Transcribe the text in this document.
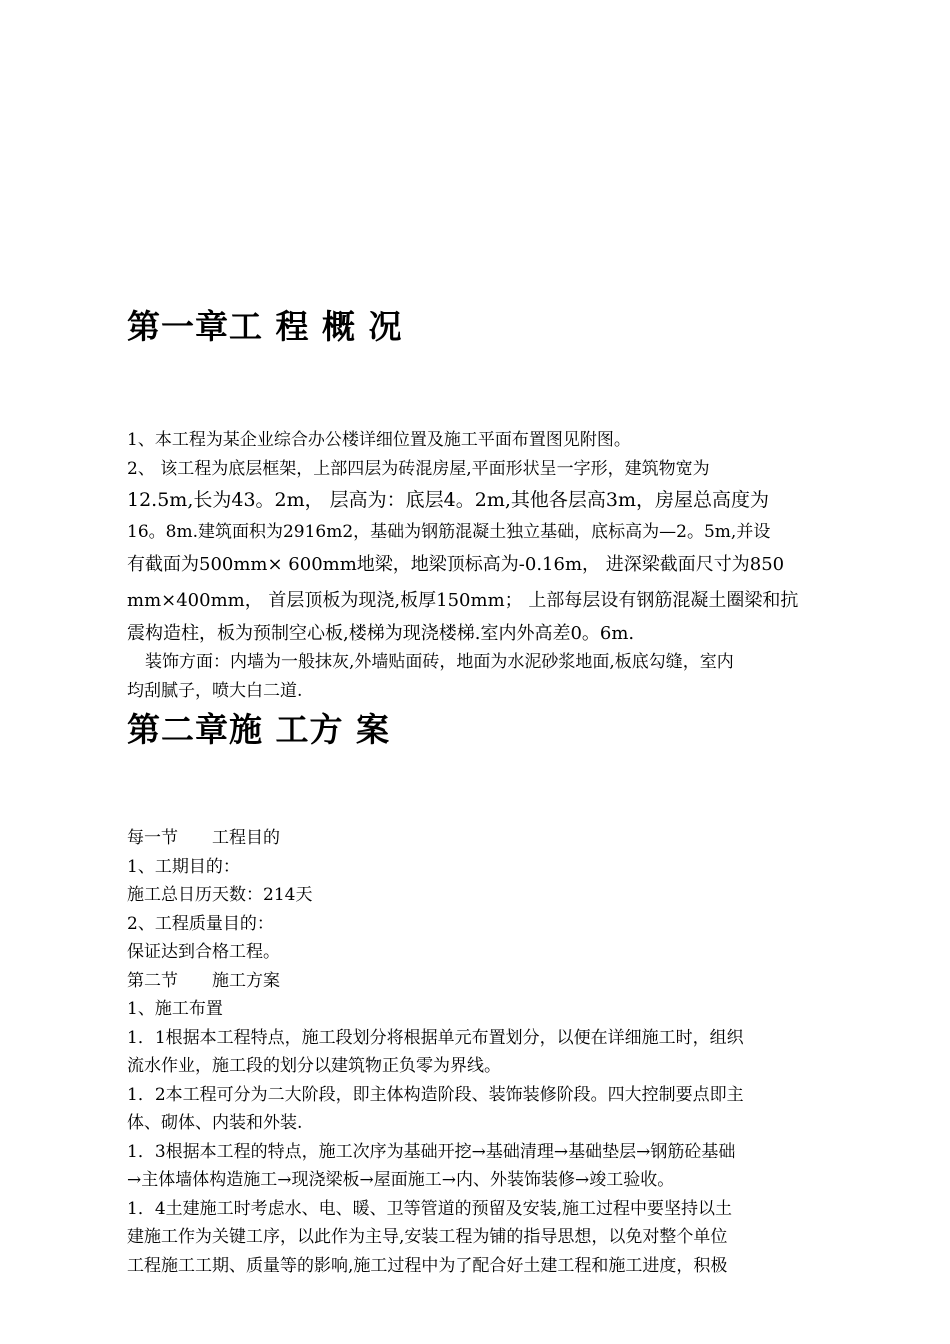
第一章工 程 概 况
1、本工程为某企业综合办公楼详细位置及施工平面布置图见附图。
2、 该工程为底层框架，上部四层为砖混房屋,平面形状呈一字形，建筑物宽为
12.5m,长为43。2m， 层高为：底层4。2m,其他各层高3m，房屋总高度为
16。8m.建筑面积为2916m2，基础为钢筋混凝土独立基础，底标高为—2。5m,并设
有截面为500mm× 600mm地梁，地梁顶标高为-0.16m， 进深梁截面尺寸为850
mm×400mm， 首层顶板为现浇,板厚150mm； 上部每层设有钢筋混凝土圈梁和抗
震构造柱，板为预制空心板,楼梯为现浇楼梯.室内外高差0。6m.
装饰方面：内墙为一般抹灰,外墙贴面砖，地面为水泥砂浆地面,板底勾缝，室内
均刮腻子，喷大白二道.
第二章施 工方 案
每一节　　工程目的
1、工期目的：
施工总日历天数：214天
2、工程质量目的：
保证达到合格工程。
第二节　　施工方案
1、施工布置
1．1根据本工程特点，施工段划分将根据单元布置划分，以便在详细施工时，组织
流水作业，施工段的划分以建筑物正负零为界线。
1．2本工程可分为二大阶段，即主体构造阶段、装饰装修阶段。四大控制要点即主
体、砌体、内装和外装.
1．3根据本工程的特点，施工次序为基础开挖→基础清理→基础垫层→钢筋砼基础
→主体墙体构造施工→现浇梁板→屋面施工→内、外装饰装修→竣工验收。
1．4土建施工时考虑水、电、暖、卫等管道的预留及安装,施工过程中要坚持以土
建施工作为关键工序，以此作为主导,安装工程为铺的指导思想，以免对整个单位
工程施工工期、质量等的影响,施工过程中为了配合好土建工程和施工进度，积极
